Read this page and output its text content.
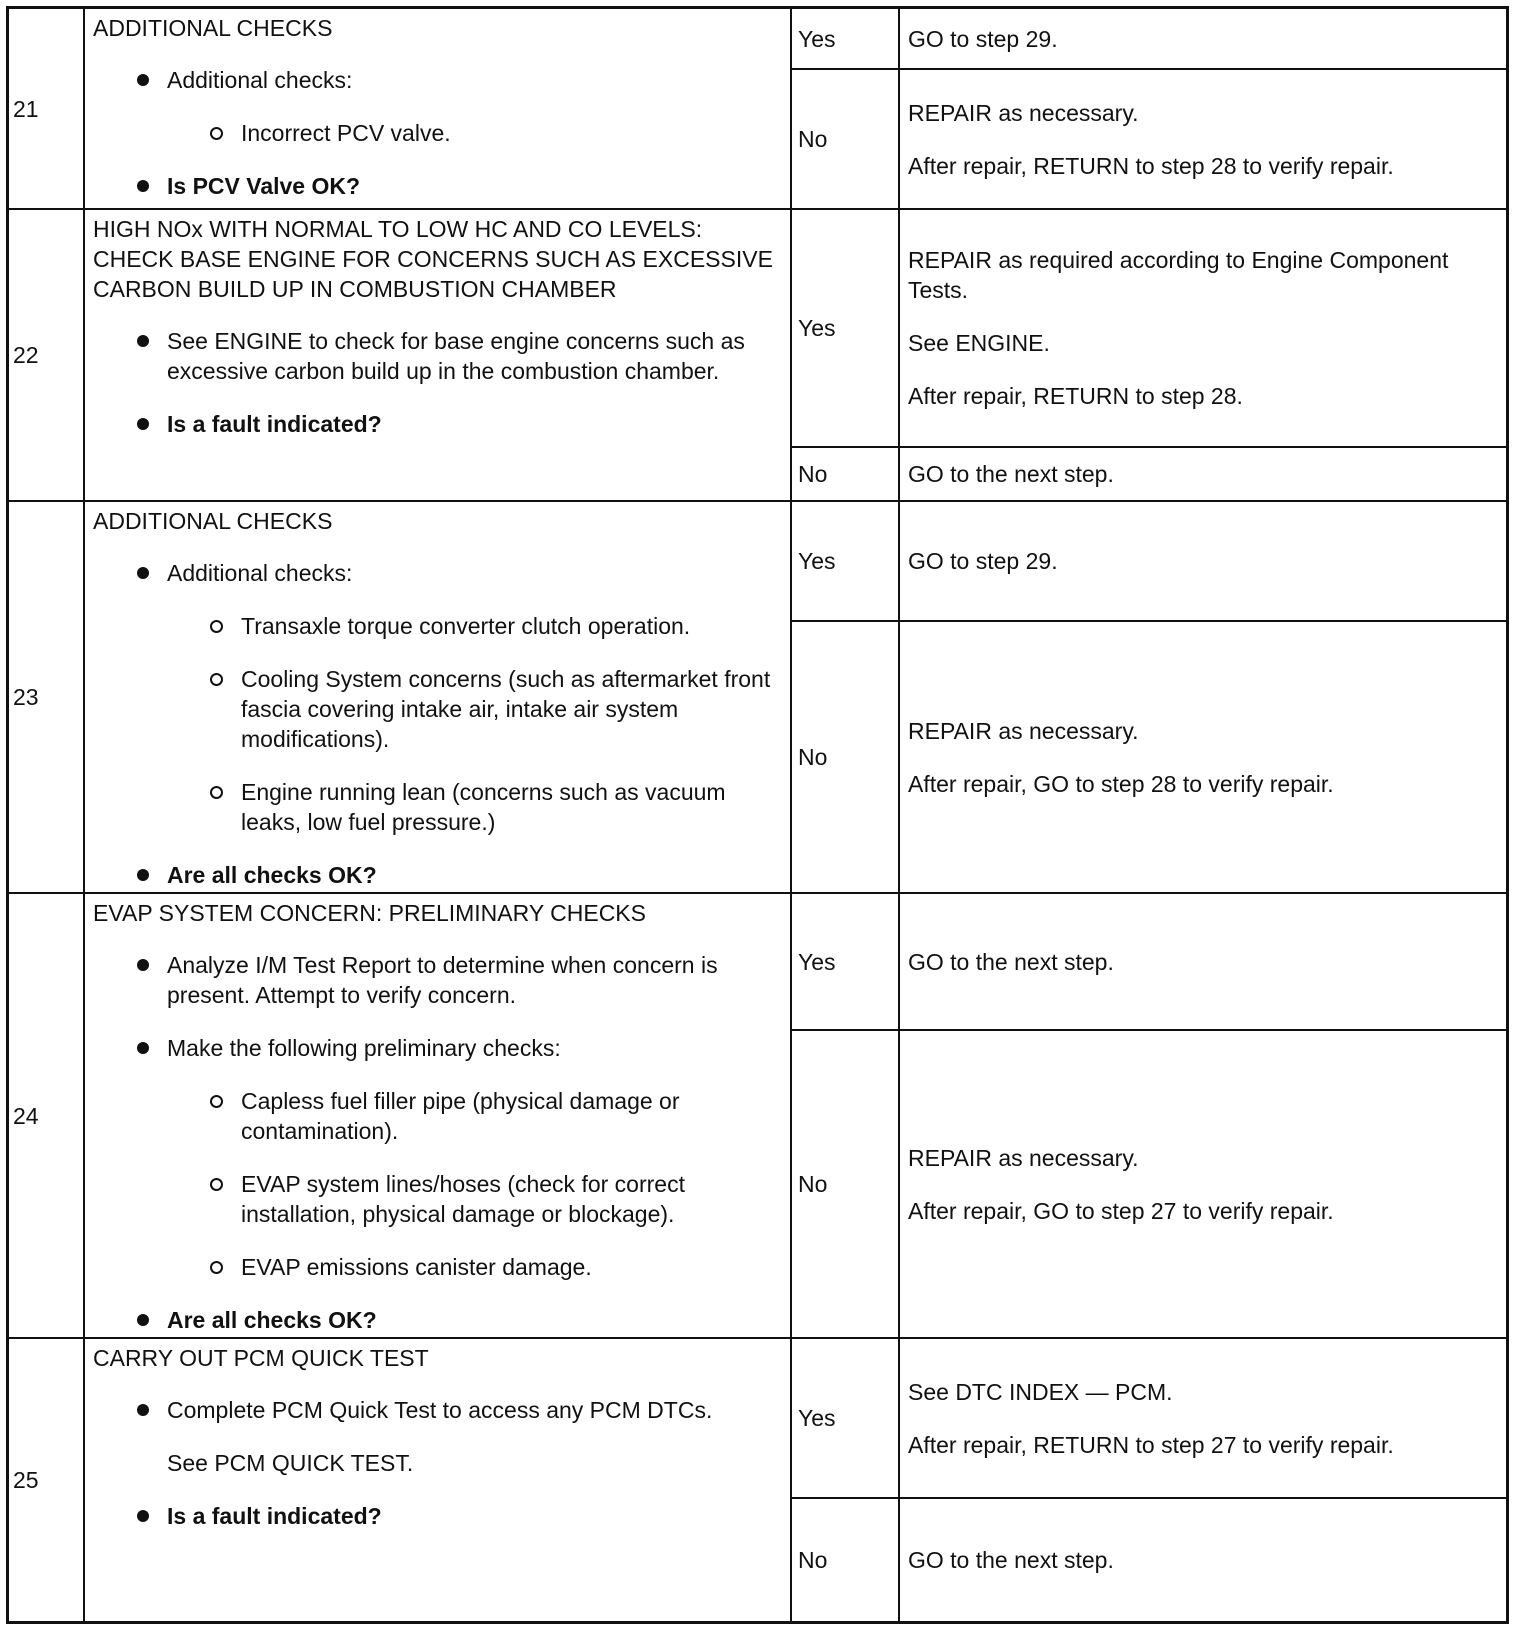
21

ADDITIONAL CHECKS

Additional checks:

Incorrect PCV valve.

Is PCV Valve OK?

Yes
No

GO to step 29.

REPAIR as necessary.

After repair, RETURN to step 28 to verify repair.

22

HIGH NOx WITH NORMAL TO LOW HC AND CO LEVELS: CHECK BASE ENGINE FOR CONCERNS SUCH AS EXCESSIVE CARBON BUILD UP IN COMBUSTION CHAMBER

See ENGINE to check for base engine concerns such as excessive carbon build up in the combustion chamber.

Is a fault indicated?

Yes
No

REPAIR as required according to Engine Component Tests.

See ENGINE.

After repair, RETURN to step 28.

GO to the next step.

23

ADDITIONAL CHECKS

Additional checks:

Transaxle torque converter clutch operation.

Cooling System concerns (such as aftermarket front fascia covering intake air, intake air system modifications).

Engine running lean (concerns such as vacuum leaks, low fuel pressure.)

Are all checks OK?

Yes
No

GO to step 29.

REPAIR as necessary.

After repair, GO to step 28 to verify repair.

24

EVAP SYSTEM CONCERN: PRELIMINARY CHECKS

Analyze I/M Test Report to determine when concern is present. Attempt to verify concern.

Make the following preliminary checks:

Capless fuel filler pipe (physical damage or contamination).

EVAP system lines/hoses (check for correct installation, physical damage or blockage).

EVAP emissions canister damage.

Are all checks OK?

Yes
No

GO to the next step.

REPAIR as necessary.

After repair, GO to step 27 to verify repair.

25

CARRY OUT PCM QUICK TEST

Complete PCM Quick Test to access any PCM DTCs.

See PCM QUICK TEST.

Is a fault indicated?

Yes
No

See DTC INDEX — PCM.

After repair, RETURN to step 27 to verify repair.

GO to the next step.
